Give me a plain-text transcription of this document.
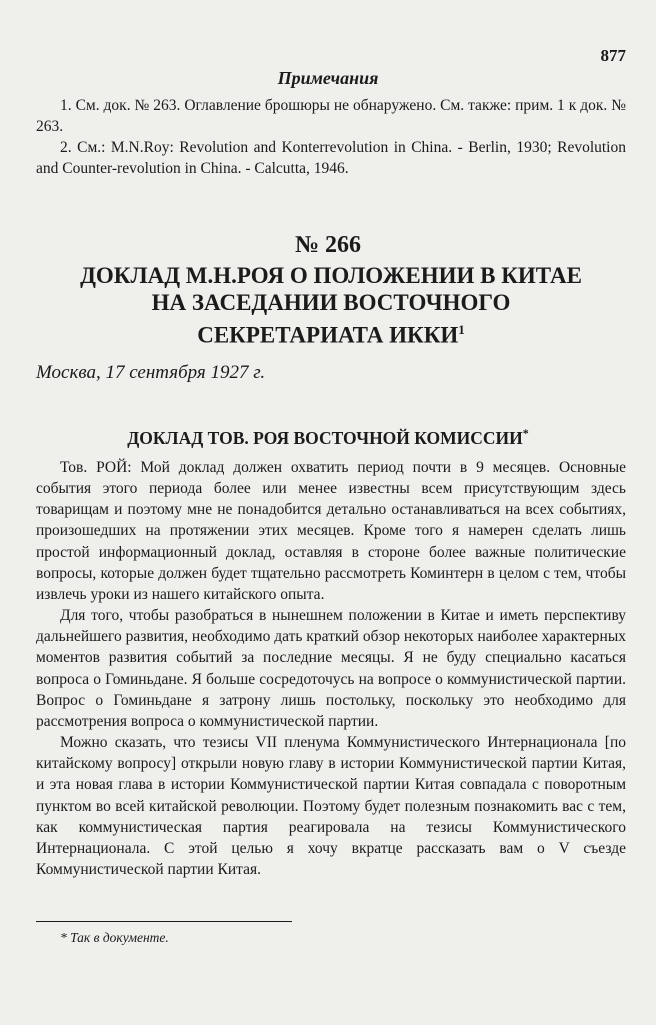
877
Примечания

1. См. док. № 263. Оглавление брошюры не обнаружено. См. также: прим. 1 к док. № 263.

2. См.: M.N.Roy: Revolution and Konterrevolution in China. - Berlin, 1930; Revolution and Counter-revolution in China. - Calcutta, 1946.

№ 266
ДОКЛАД М.Н.РОЯ О ПОЛОЖЕНИИ В КИТАЕ
НА ЗАСЕДАНИИ ВОСТОЧНОГО
СЕКРЕТАРИАТА ИККИ$^1$
Москва, 17 сентября 1927 г.
ДОКЛАД ТОВ. РОЯ ВОСТОЧНОЙ КОМИССИИ*

Тов. РОЙ: Мой доклад должен охватить период почти в 9 месяцев. Основные события этого периода более или менее известны всем присутствующим здесь товарищам и поэтому мне не понадобится детально останавливаться на всех событиях, произошедших на протяжении этих месяцев. Кроме того я намерен сделать лишь простой информационный доклад, оставляя в стороне более важные политические вопросы, которые должен будет тщательно рассмотреть Коминтерн в целом с тем, чтобы извлечь уроки из нашего китайского опыта.

Для того, чтобы разобраться в нынешнем положении в Китае и иметь перспективу дальнейшего развития, необходимо дать краткий обзор некоторых наиболее характерных моментов развития событий за последние месяцы. Я не буду специально касаться вопроса о Гоминьдане. Я больше сосредоточусь на вопросе о коммунистической партии. Вопрос о Гоминьдане я затрону лишь постольку, поскольку это необходимо для рассмотрения вопроса о коммунистической партии.

Можно сказать, что тезисы VII пленума Коммунистического Интернационала [по китайскому вопросу] открыли новую главу в истории Коммунистической партии Китая, и эта новая глава в истории Коммунистической партии Китая совпадала с поворотным пунктом во всей китайской революции. Поэтому будет полезным познакомить вас с тем, как коммунистическая партия реагировала на тезисы Коммунистического Интернационала. С этой целью я хочу вкратце рассказать вам о V съезде Коммунистической партии Китая.

* Так в документе.
